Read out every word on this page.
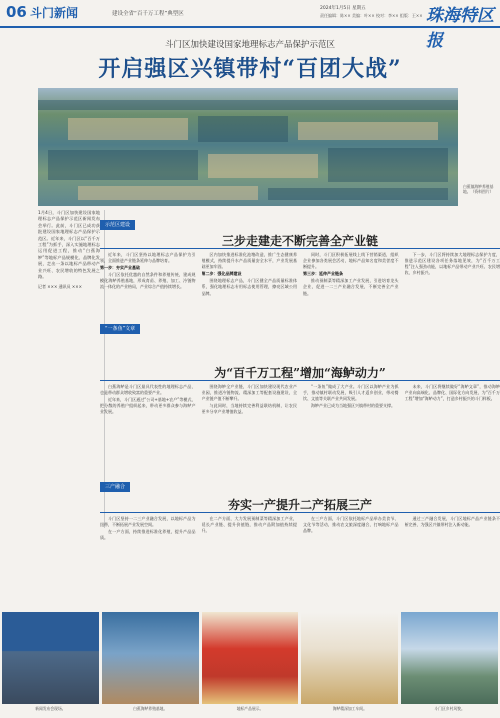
06 斗门新闻	建设全省“百千万工程”典型区
2024年1月5日 星期五
责任编辑：陈×× 美编：叶×× 校对：李×× 组版：王×× 珠海特区报
斗门区加快建设国家地理标志产品保护示范区
开启强区兴镇带村“百团大战”
白蕉镇海鲈养殖基地。（资料图片）
1月4日，斗门区加快建设国家地理标志产品保护示范区新闻发布会举行。此前，斗门区已成功获批建设国家地理标志产品保护示范区。近年来，斗门区以“百千万工程”为抓手，深入实施地理标志运用促进工程，推动“白蕉海鲈”等地标产品规模化、品牌化发展，走出一条以地标产品带动产业兴旺、农民增收的特色发展之路。
记者 ××× 通讯员 ×××
示范区建设
三步走建走不断完善全产业链

近年来，斗门区坚持以地理标志产品保护为引领，全面推进产业链条延伸与品牌培育。

第一步：夯实产业基础

斗门区依托优越的自然条件和养殖传统，建成规模化海鲈养殖基地，形成育苗、养殖、加工、冷链物流一体化的产业格局，产业综合产值持续增长。

区内加快推进标准化池塘改造，推广生态健康养殖模式，持续提升水产品质量安全水平，产业发展基础更加牢固。

第二步：强化品牌建设

围绕地理标志产品，斗门区健全产品质量标准体系，强化地理标志专用标志使用管理，擦亮区域公用品牌。

同时，斗门区积极拓展线上线下营销渠道，组织企业参加各类展会活动，地标产品知名度和美誉度不断提升。

第三步：延伸产业链条

推动预制菜等精深加工产业发展，引进培育龙头企业，促进一二三产业融合发展，不断完善全产业链。

下一步，斗门区将持续加大地理标志保护力度，推进示范区建设各项任务落地见效，为“百千万工程”注入强劲动能，以地标产品带动产业兴旺、农民增收、乡村振兴。

“一条鱼”文章
为“百千万工程”增加“海鲈动力”

白蕉海鲈是斗门区最具代表性的地理标志产品，也是带动群众增收致富的重要产业。

近年来，斗门区通过“公司+基地+农户”等模式，把分散的养殖户组织起来，带动更多群众参与海鲈产业发展。

围绕海鲈全产业链，斗门区加快建设现代农业产业园，推进冷链物流、精深加工等配套设施建设，全产业链产值不断攀升。

与此同时，当地持续完善利益联结机制，让农民更多分享产业增值收益。

“一条鱼”做成了大产业。斗门区以海鲈产业为抓手，推动镇村联动发展，吸引人才返乡创业，带动餐饮、文旅等关联产业共同发展。

海鲈产业已成为当地强区兴镇带村的重要支撑。

未来，斗门区将继续做好“海鲈文章”，推动海鲈产业向高端化、品牌化、国际化方向发展，为“百千万工程”增加“海鲈动力”，打造乡村振兴的斗门样板。

三产融合
夯实一产提升二产拓展三产

斗门区坚持一二三产业融合发展，以地标产品为纽带，不断拓展产业发展空间。

在一产方面，持续推进标准化养殖，提升产品品质。

在二产方面，大力发展预制菜等精深加工产业，延长产业链、提升价值链，推动产品附加值持续提升。

在三产方面，斗门区依托地标产品举办美食节、文化节等活动，推动农文旅深度融合，打响地标产品品牌。

通过三产融合发展，斗门区地标产品产业链条不断完善，为强区兴镇带村注入新动能。

新闻发布会现场。	白蕉海鲈养殖基地。	地标产品展示。	海鲈精深加工车间。	斗门区乡村风貌。
